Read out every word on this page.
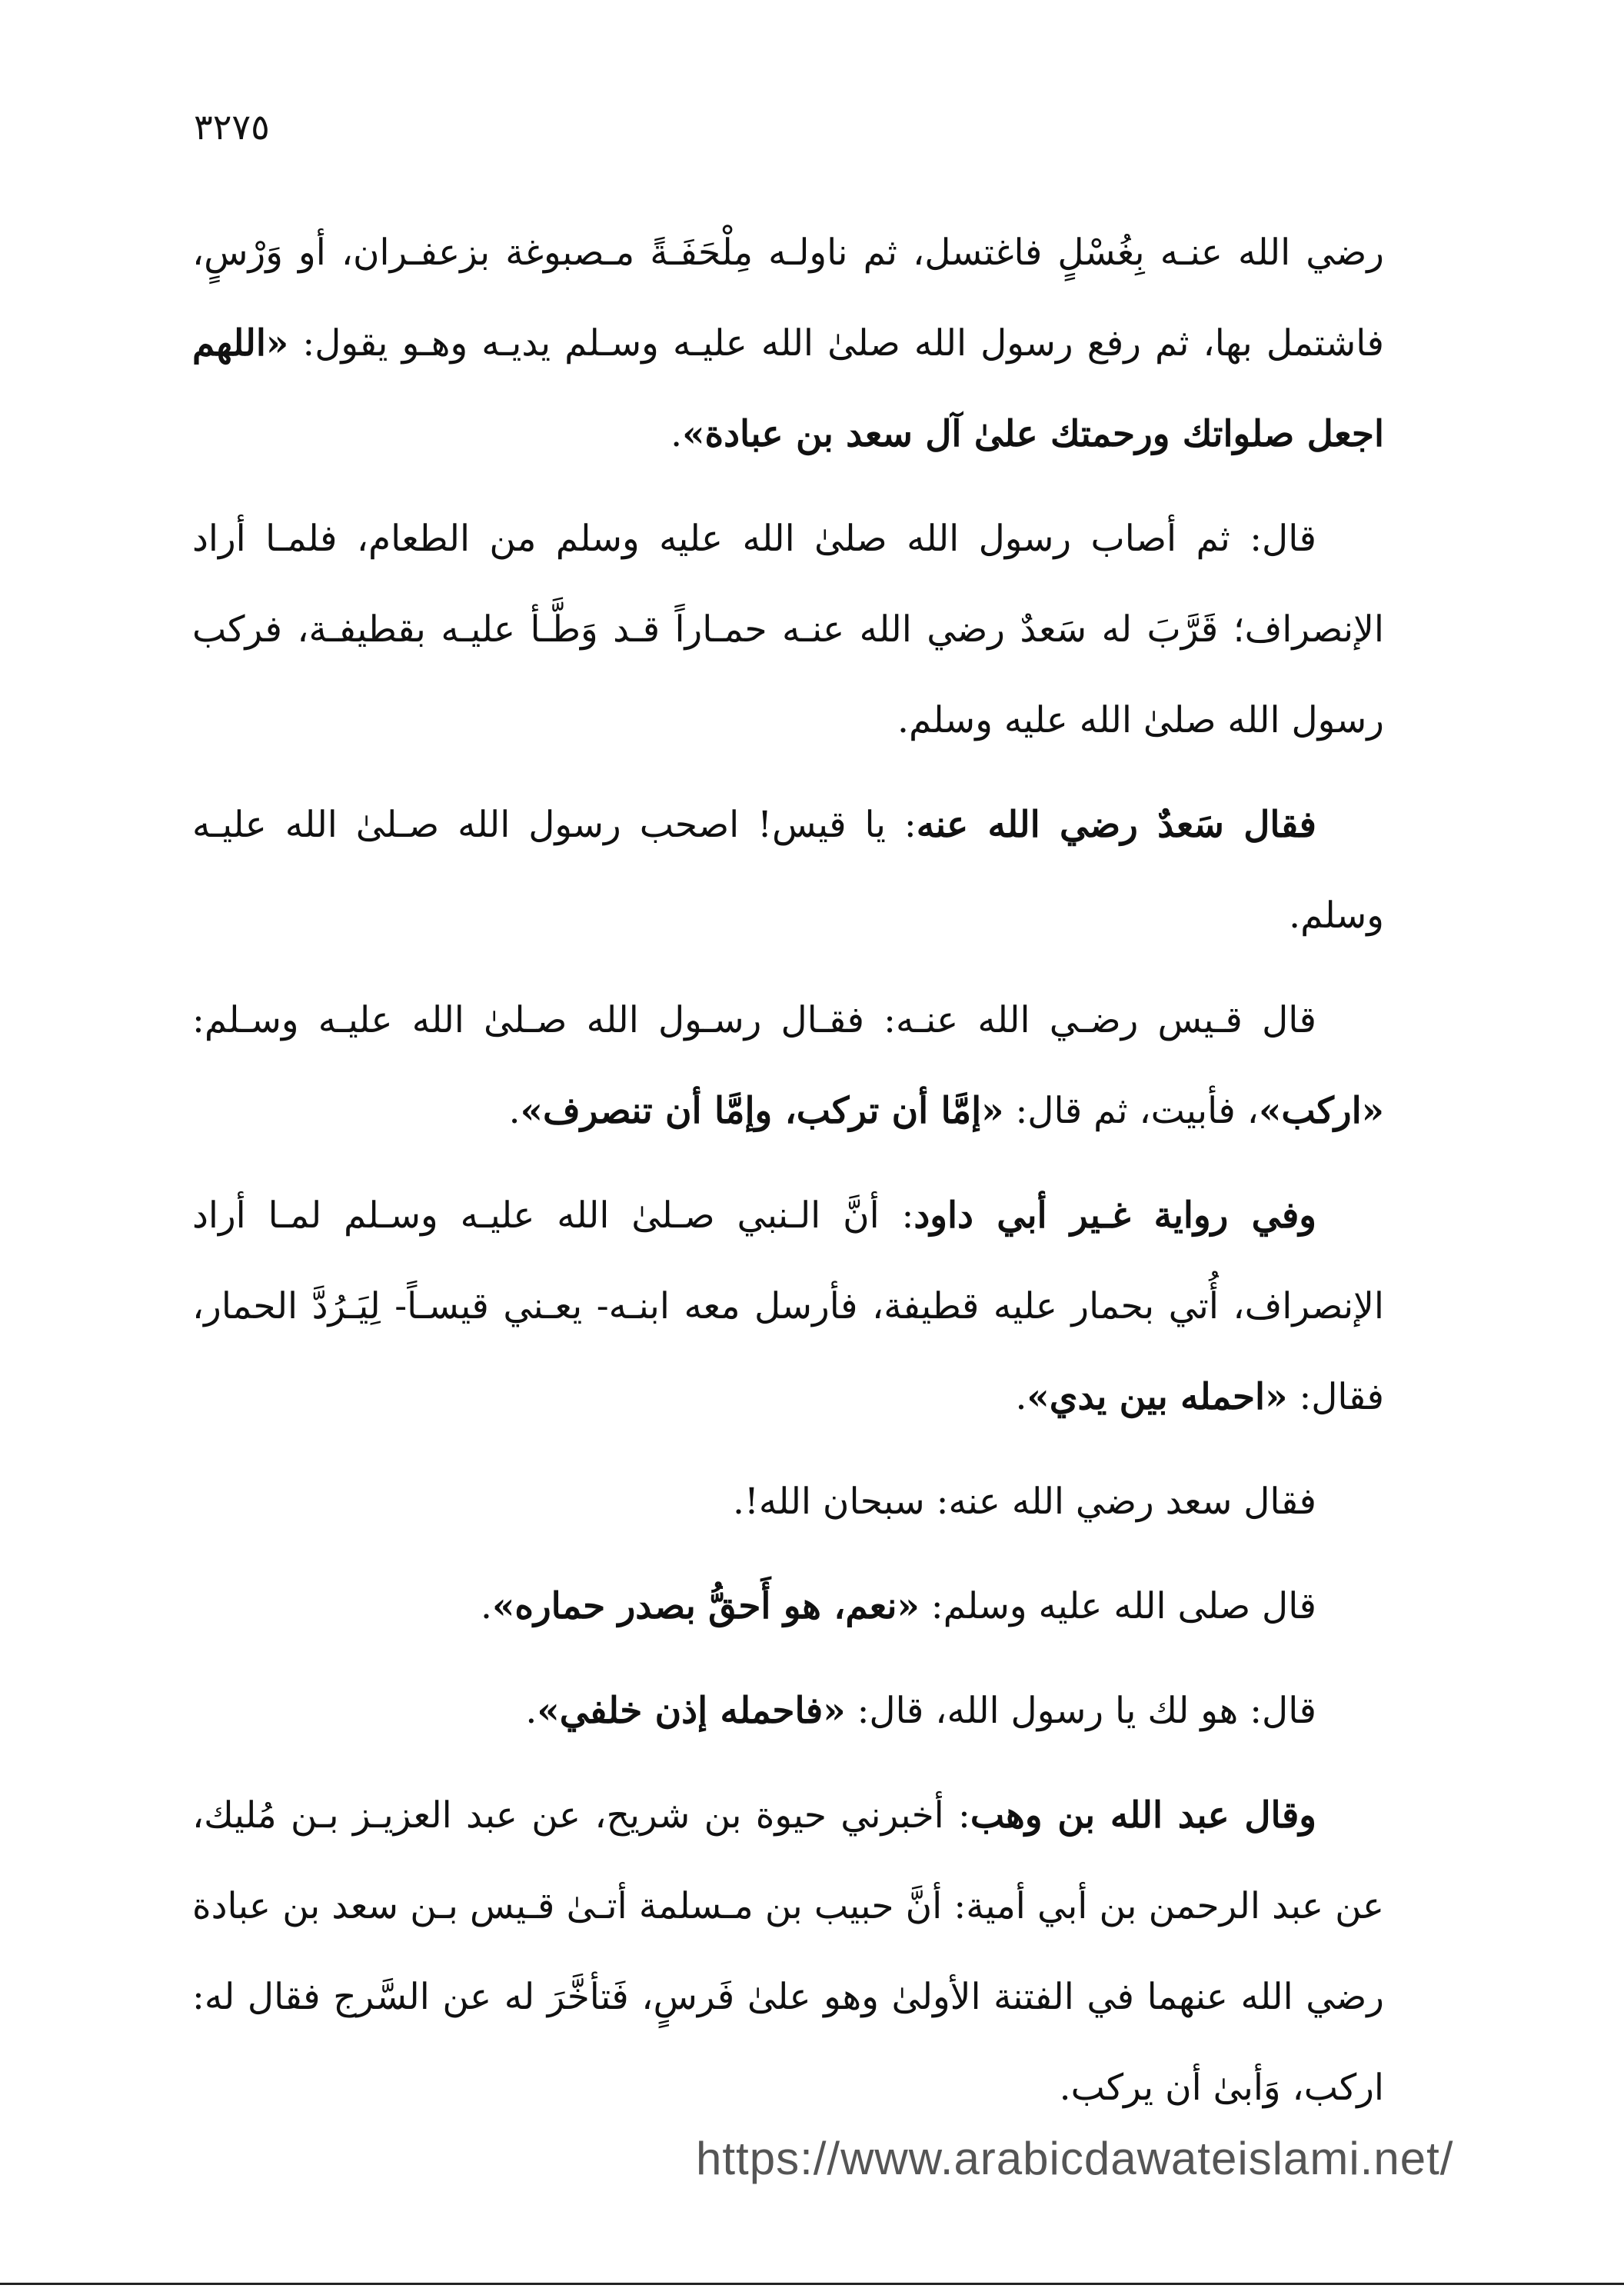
٣٢٧٥

رضي الله عنـه بِغُسْلٍ فاغتسل، ثم ناولـه مِلْحَفَـةً مـصبوغة بزعفـران، أو وَرْسٍ، فاشتمل بها، ثم رفع رسول الله صلىٰ الله عليـه وسـلم يديـه وهـو يقول: «اللهم اجعل صلواتك ورحمتك علىٰ آل سعد بن عبادة».

قال: ثم أصاب رسول الله صلىٰ الله عليه وسلم من الطعام، فلمـا أراد الإنصراف؛ قَرَّبَ له سَعدٌ رضي الله عنـه حمـاراً قـد وَطَّـأ عليـه بقطيفـة، فركب رسول الله صلىٰ الله عليه وسلم.

فقال سَعدٌ رضي الله عنه: يا قيس! اصحب رسول الله صـلىٰ الله عليـه وسلم.

قال قـيس رضـي الله عنـه: فقـال رسـول الله صـلىٰ الله عليـه وسـلم: «اركب»، فأبيت، ثم قال: «إمَّا أن تركب، وإمَّا أن تنصرف».

وفي رواية غـير أبي داود: أنَّ الـنبي صـلىٰ الله عليـه وسـلم لمـا أراد الإنصراف، أُتي بحمار عليه قطيفة، فأرسل معه ابنـه- يعـني قيسـاً- لِيَـرُدَّ الحمار، فقال: «احمله بين يدي».

فقال سعد رضي الله عنه: سبحان الله!.

قال صلى الله عليه وسلم: «نعم، هو أَحقُّ بصدر حماره».

قال: هو لك يا رسول الله، قال: «فاحمله إذن خلفي».

وقال عبد الله بن وهب: أخبرني حيوة بن شريح، عن عبد العزيـز بـن مُليك، عن عبد الرحمن بن أبي أمية: أنَّ حبيب بن مـسلمة أتـىٰ قـيس بـن سعد بن عبادة رضي الله عنهما في الفتنة الأولىٰ وهو علىٰ فَرسٍ، فَتأخَّرَ له عن السَّرج فقال له: اركب، وَأبىٰ أن يركب.

https://www.arabicdawateislami.net/
